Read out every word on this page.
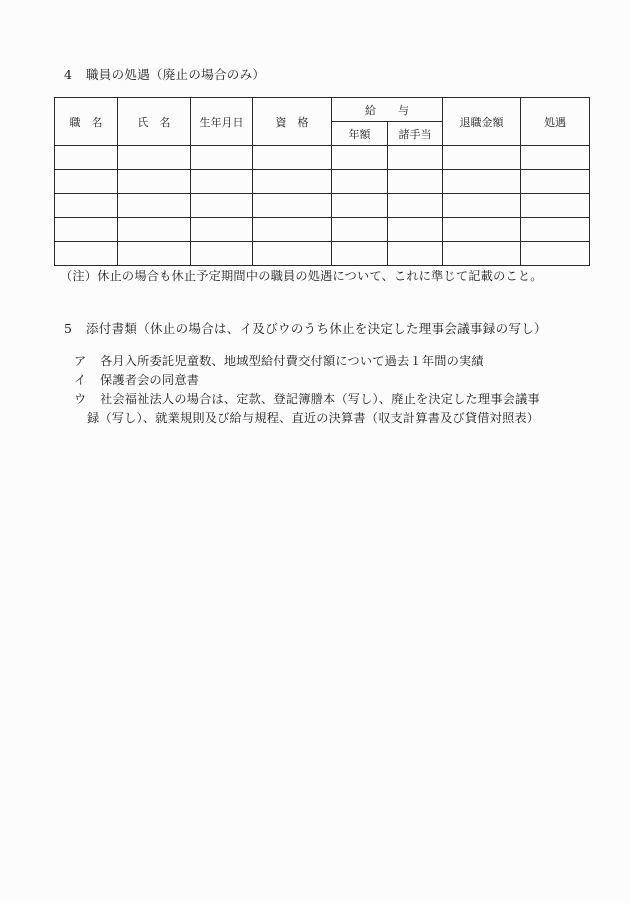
4 職員の処遇（廃止の場合のみ）
職　名	氏　名	生年月日	資　格	給　　与		退職金額	処遇
				年額	諸手当		

（注）休止の場合も休止予定期間中の職員の処遇について、これに準じて記載のこと。
5 添付書類（休止の場合は、イ及びウのうち休止を決定した理事会議事録の写し）
ア 各月入所委託児童数、地域型給付費交付額について過去１年間の実績
イ 保護者会の同意書
ウ 社会福祉法人の場合は、定款、登記簿謄本（写し）、廃止を決定した理事会議事
録（写し）、就業規則及び給与規程、直近の決算書（収支計算書及び貸借対照表）
